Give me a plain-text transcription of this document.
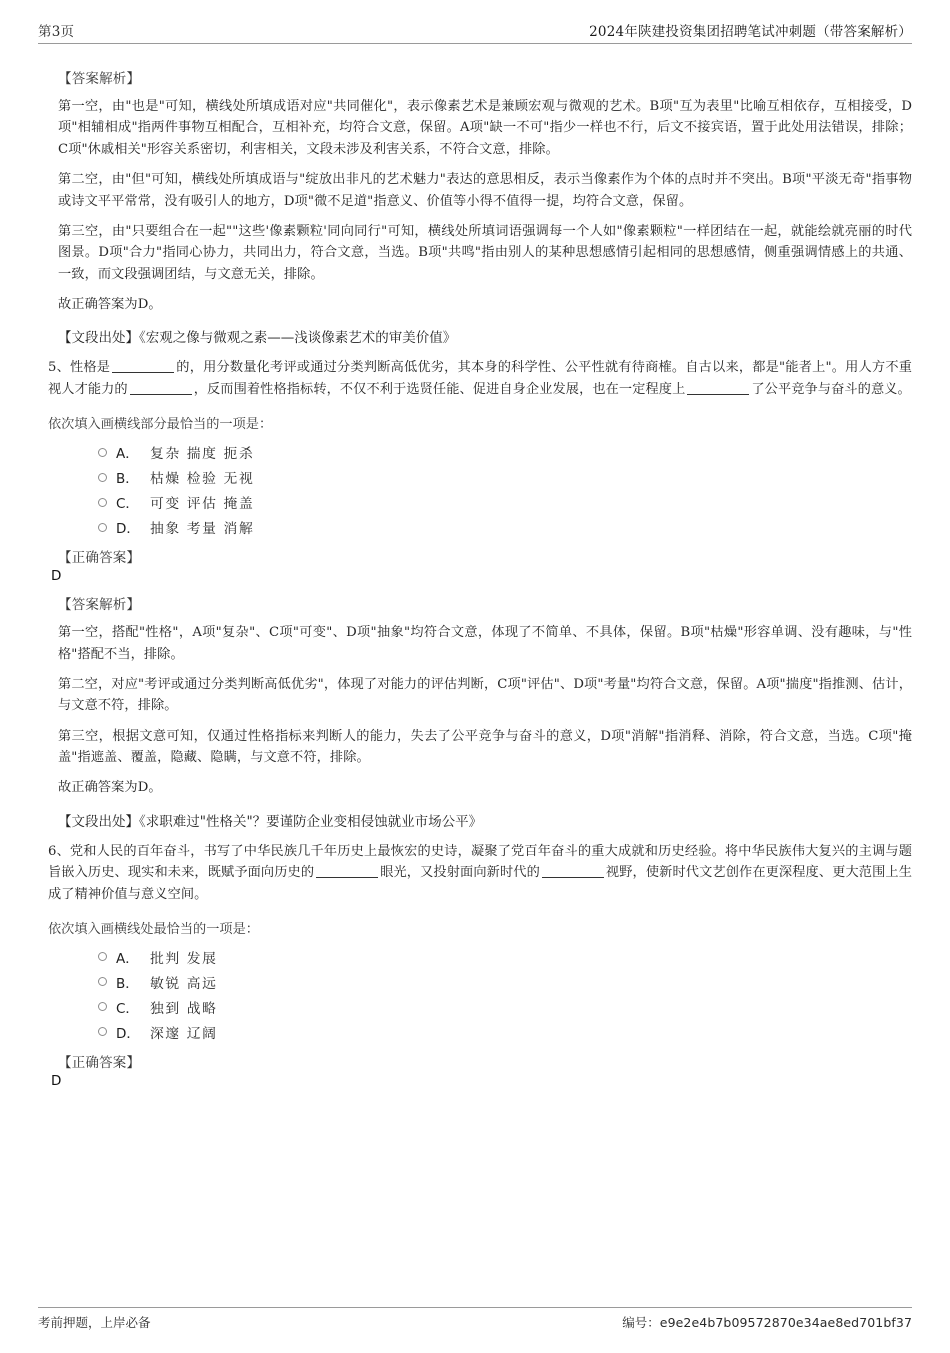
第3页	2024年陕建投资集团招聘笔试冲刺题（带答案解析）
【答案解析】
第一空，由"也是"可知，横线处所填成语对应"共同催化"，表示像素艺术是兼顾宏观与微观的艺术。B项"互为表里"比喻互相依存，互相接受，D项"相辅相成"指两件事物互相配合，互相补充，均符合文意，保留。A项"缺一不可"指少一样也不行，后文不接宾语，置于此处用法错误，排除；C项"休戚相关"形容关系密切，利害相关，文段未涉及利害关系，不符合文意，排除。
第二空，由"但"可知，横线处所填成语与"绽放出非凡的艺术魅力"表达的意思相反，表示当像素作为个体的点时并不突出。B项"平淡无奇"指事物或诗文平平常常，没有吸引人的地方，D项"微不足道"指意义、价值等小得不值得一提，均符合文意，保留。
第三空，由"只要组合在一起""这些'像素颗粒'同向同行"可知，横线处所填词语强调每一个人如"像素颗粒"一样团结在一起，就能绘就亮丽的时代图景。D项"合力"指同心协力，共同出力，符合文意，当选。B项"共鸣"指由别人的某种思想感情引起相同的思想感情，侧重强调情感上的共通、一致，而文段强调团结，与文意无关，排除。
故正确答案为D。
【文段出处】《宏观之像与微观之素——浅谈像素艺术的审美价值》
5、性格是	的，用分数量化考评或通过分类判断高低优劣，其本身的科学性、公平性就有待商榷。自古以来，都是"能者上"。用人方不重视人才能力的	，反而围着性格指标转，不仅不利于选贤任能、促进自身企业发展，也在一定程度上	了公平竞争与奋斗的意义。
依次填入画横线部分最恰当的一项是：
A． 复杂 揣度 扼杀
B． 枯燥 检验 无视
C． 可变 评估 掩盖
D． 抽象 考量 消解
【正确答案】
D
【答案解析】
第一空，搭配"性格"，A项"复杂"、C项"可变"、D项"抽象"均符合文意，体现了不简单、不具体，保留。B项"枯燥"形容单调、没有趣味，与"性格"搭配不当，排除。
第二空，对应"考评或通过分类判断高低优劣"，体现了对能力的评估判断，C项"评估"、D项"考量"均符合文意，保留。A项"揣度"指推测、估计，与文意不符，排除。
第三空，根据文意可知，仅通过性格指标来判断人的能力，失去了公平竞争与奋斗的意义，D项"消解"指消释、消除，符合文意，当选。C项"掩盖"指遮盖、覆盖，隐藏、隐瞒，与文意不符，排除。
故正确答案为D。
【文段出处】《求职难过"性格关"？要谨防企业变相侵蚀就业市场公平》
6、党和人民的百年奋斗，书写了中华民族几千年历史上最恢宏的史诗，凝聚了党百年奋斗的重大成就和历史经验。将中华民族伟大复兴的主调与题旨嵌入历史、现实和未来，既赋予面向历史的	眼光，又投射面向新时代的	视野，使新时代文艺创作在更深程度、更大范围上生成了精神价值与意义空间。
依次填入画横线处最恰当的一项是：
A． 批判 发展
B． 敏锐 高远
C． 独到 战略
D． 深邃 辽阔
【正确答案】
D
考前押题，上岸必备	编号：e9e2e4b7b09572870e34ae8ed701bf37
